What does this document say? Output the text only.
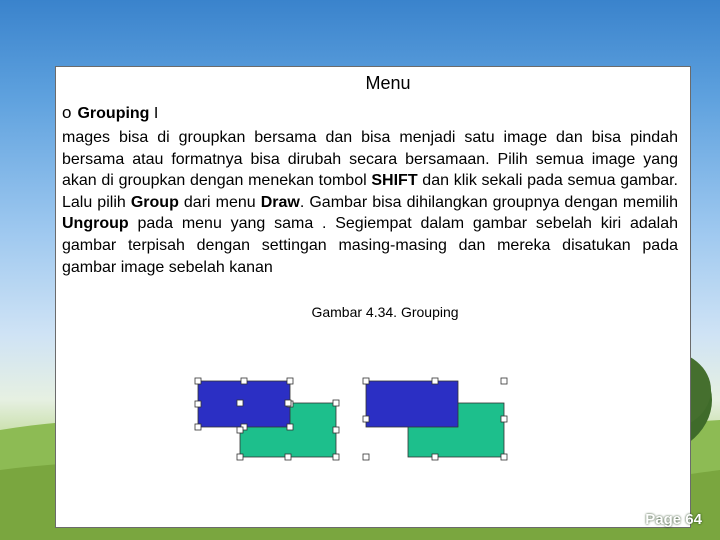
Menu
o Grouping I
mages bisa di groupkan bersama dan bisa menjadi satu image dan bisa pindah bersama atau formatnya bisa dirubah secara bersamaan. Pilih semua image yang akan di groupkan dengan menekan tombol SHIFT dan klik sekali pada semua gambar. Lalu pilih Group dari menu Draw. Gambar bisa dihilangkan groupnya dengan memilih Ungroup pada menu yang sama . Segiempat dalam gambar sebelah kiri adalah gambar terpisah dengan settingan masing-masing dan mereka disatukan pada gambar image sebelah kanan
Gambar 4.34. Grouping
Page 64
